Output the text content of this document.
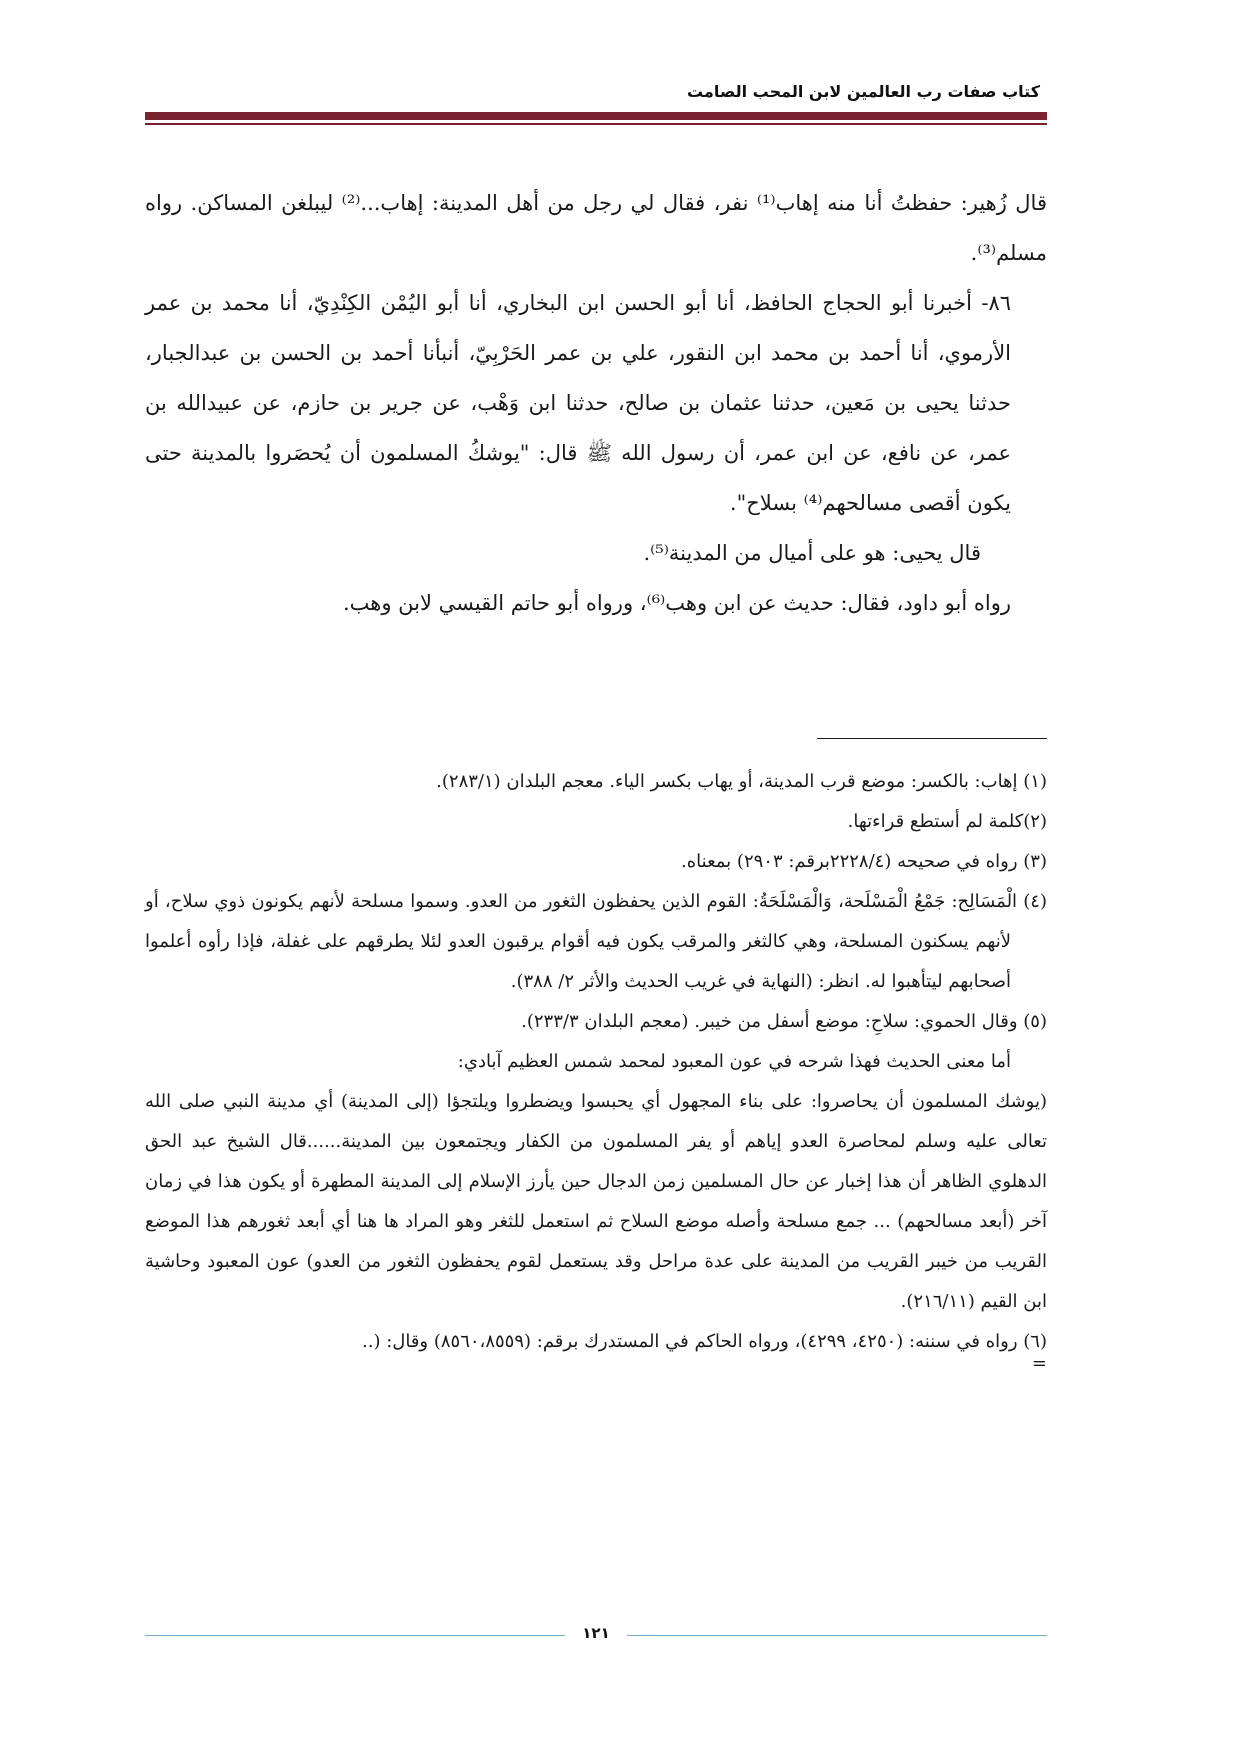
كتاب صفات رب العالمين لابن المحب الصامت

قال زُهير: حفظتُ أنا منه إهاب⁽¹⁾ نفر، فقال لي رجل من أهل المدينة: إهاب...⁽²⁾ ليبلغن المساكن. رواه مسلم⁽³⁾.

٨٦- أخبرنا أبو الحجاج الحافظ، أنا أبو الحسن ابن البخاري، أنا أبو اليُمْن الكِنْدِيّ، أنا محمد بن عمر الأرموي، أنا أحمد بن محمد ابن النقور، علي بن عمر الحَرْبِيّ، أنبأنا أحمد بن الحسن بن عبدالجبار، حدثنا يحيى بن مَعين، حدثنا عثمان بن صالح، حدثنا ابن وَهْب، عن جرير بن حازم، عن عبيدالله بن عمر، عن نافع، عن ابن عمر، أن رسول الله ﷺ قال: "يوشكُ المسلمون أن يُحصَروا بالمدينة حتى يكون أقصى مسالحهم⁽⁴⁾ بسلاح".

قال يحيى: هو على أميال من المدينة⁽⁵⁾.

رواه أبو داود، فقال: حديث عن ابن وهب⁽⁶⁾، ورواه أبو حاتم القيسي لابن وهب.

(١) إهاب: بالكسر: موضع قرب المدينة، أو يهاب بكسر الياء. معجم البلدان (٢٨٣/١).

(٢)كلمة لم أستطع قراءتها.

(٣) رواه في صحيحه (٢٢٢٨/٤برقم: ٢٩٠٣) بمعناه.

(٤) الْمَسَالِح: جَمْعُ الْمَسْلَحة، وَالْمَسْلَحَةُ: القوم الذين يحفظون الثغور من العدو. وسموا مسلحة لأنهم يكونون ذوي سلاح، أو لأنهم يسكنون المسلحة، وهي كالثغر والمرقب يكون فيه أقوام يرقبون العدو لئلا يطرقهم على غفلة، فإذا رأوه أعلموا أصحابهم ليتأهبوا له. انظر: (النهاية في غريب الحديث والأثر ٢/ ٣٨٨).

(٥) وقال الحموي: سلاحِ: موضع أسفل من خيبر. (معجم البلدان ٢٣٣/٣).

أما معنى الحديث فهذا شرحه في عون المعبود لمحمد شمس العظيم آبادي:

(يوشك المسلمون أن يحاصروا: على بناء المجهول أي يحبسوا ويضطروا ويلتجؤا (إلى المدينة) أي مدينة النبي صلى الله تعالى عليه وسلم لمحاصرة العدو إياهم أو يفر المسلمون من الكفار ويجتمعون بين المدينة......قال الشيخ عبد الحق الدهلوي الظاهر أن هذا إخبار عن حال المسلمين زمن الدجال حين يأرز الإسلام إلى المدينة المطهرة أو يكون هذا في زمان آخر (أبعد مسالحهم) ... جمع مسلحة وأصله موضع السلاح ثم استعمل للثغر وهو المراد ها هنا أي أبعد ثغورهم هذا الموضع القريب من خيبر القريب من المدينة على عدة مراحل وقد يستعمل لقوم يحفظون الثغور من العدو) عون المعبود وحاشية ابن القيم (٢١٦/١١).

(٦) رواه في سننه: (٤٢٥٠، ٤٢٩٩)، ورواه الحاكم في المستدرك برقم: (٨٥٦٠،٨٥٥٩) وقال: (..

=

١٢١
